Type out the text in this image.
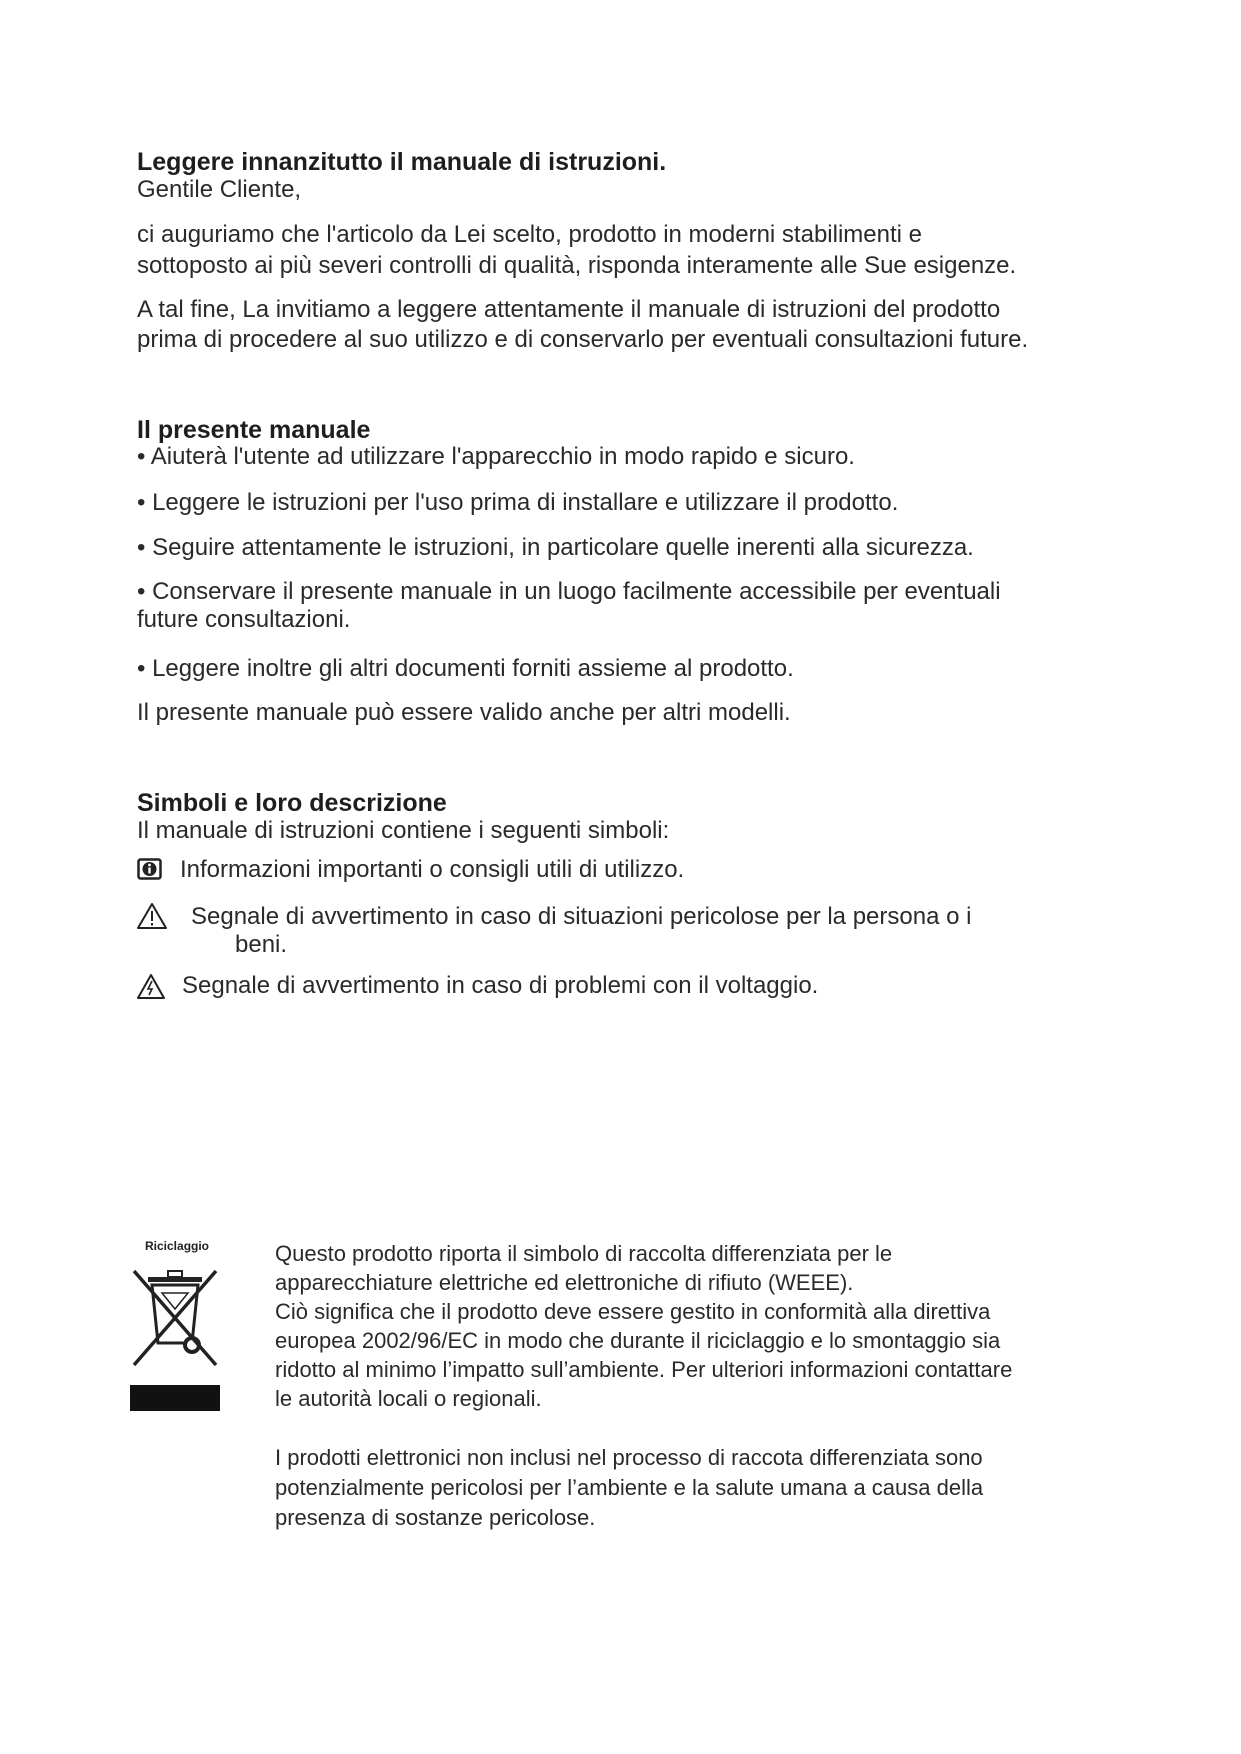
Leggere innanzitutto il manuale di istruzioni.

Gentile Cliente,

ci auguriamo che l'articolo da Lei scelto, prodotto in moderni stabilimenti e

sottoposto ai più severi controlli di qualità, risponda interamente alle Sue esigenze.

A tal fine, La invitiamo a leggere attentamente il manuale di istruzioni del prodotto

prima di procedere al suo utilizzo e di conservarlo per eventuali consultazioni future.

Il presente manuale

• Aiuterà l'utente ad utilizzare l'apparecchio in modo rapido e sicuro.

• Leggere le istruzioni per l'uso prima di installare e utilizzare il prodotto.

• Seguire attentamente le istruzioni, in particolare quelle inerenti alla sicurezza.

• Conservare il presente manuale in un luogo facilmente accessibile per eventuali

future consultazioni.

• Leggere inoltre gli altri documenti forniti assieme al prodotto.

Il presente manuale può essere valido anche per altri modelli.

Simboli e loro descrizione

Il manuale di istruzioni contiene i seguenti simboli:

Informazioni importanti o consigli utili di utilizzo.

Segnale di avvertimento in caso di situazioni pericolose per la persona o i

beni.

Segnale di avvertimento in caso di problemi con il voltaggio.

Riciclaggio	Questo prodotto riporta il simbolo di raccolta differenziata per le

apparecchiature elettriche ed elettroniche di rifiuto (WEEE).

Ciò significa che il prodotto deve essere gestito in conformità alla direttiva

europea 2002/96/EC in modo che durante il riciclaggio e lo smontaggio sia

ridotto al minimo l’impatto sull’ambiente. Per ulteriori informazioni contattare

le autorità locali o regionali.

I prodotti elettronici non inclusi nel processo di raccota differenziata sono

potenzialmente pericolosi per l’ambiente e la salute umana a causa della

presenza di sostanze pericolose.
